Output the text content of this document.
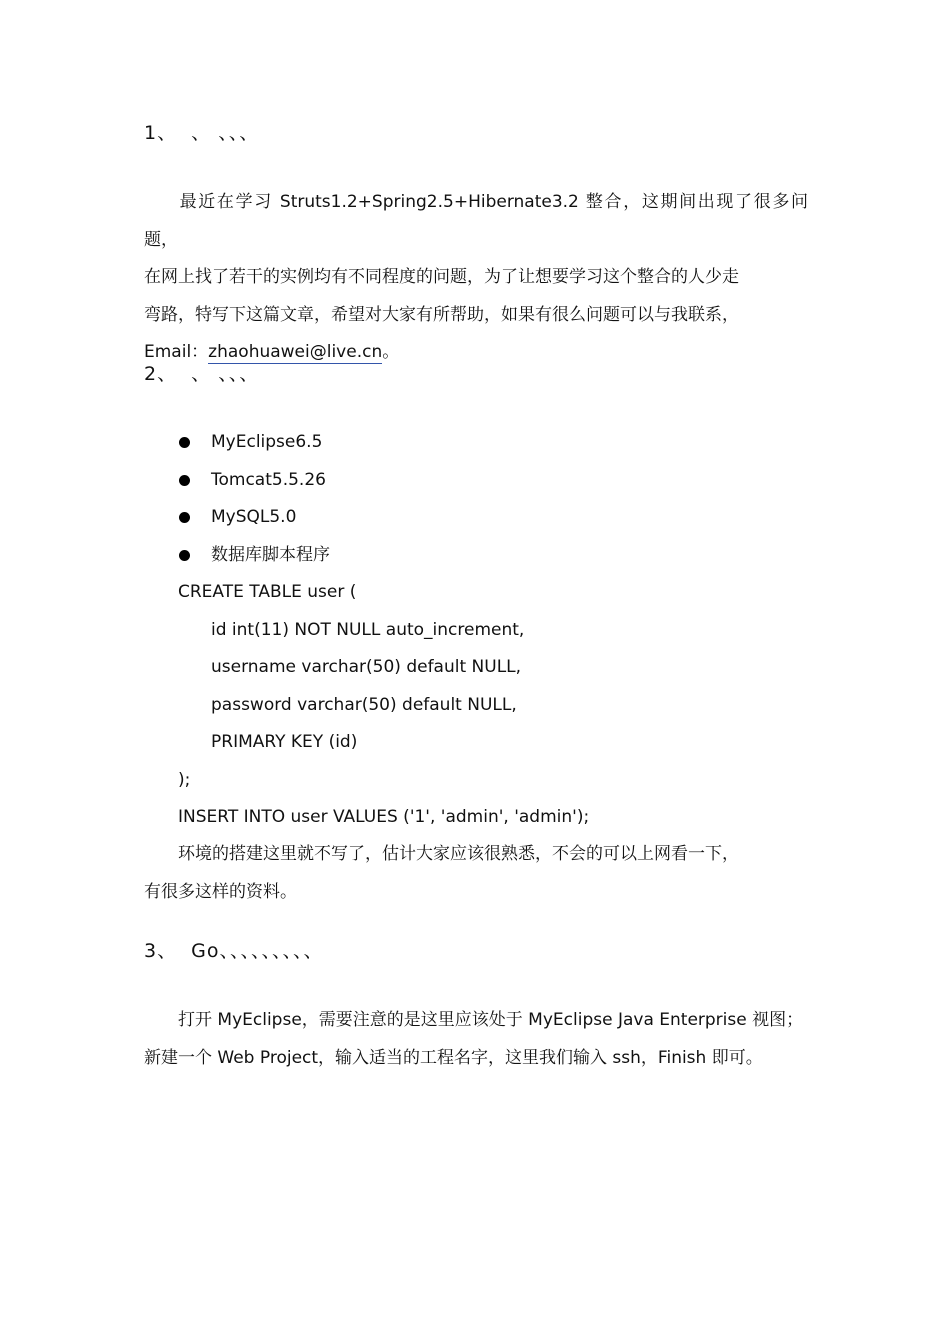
1、  、 、、、
最近在学习 Struts1.2+Spring2.5+Hibernate3.2 整合，这期间出现了很多问题，
在网上找了若干的实例均有不同程度的问题，为了让想要学习这个整合的人少走
弯路，特写下这篇文章，希望对大家有所帮助，如果有很么问题可以与我联系，
Email：zhaohuawei@live.cn。
2、  、 、、、
MyEclipse6.5
Tomcat5.5.26
MySQL5.0
数据库脚本程序
CREATE TABLE user (
id int(11) NOT NULL auto_increment,
username varchar(50) default NULL,
password varchar(50) default NULL,
PRIMARY KEY (id)
);
INSERT INTO user VALUES ('1', 'admin', 'admin');
环境的搭建这里就不写了，估计大家应该很熟悉，不会的可以上网看一下，
有很多这样的资料。
3、  Go、、、、、、、、、
打开 MyEclipse，需要注意的是这里应该处于 MyEclipse Java Enterprise 视图；
新建一个 Web Project，输入适当的工程名字，这里我们输入 ssh，Finish 即可。
